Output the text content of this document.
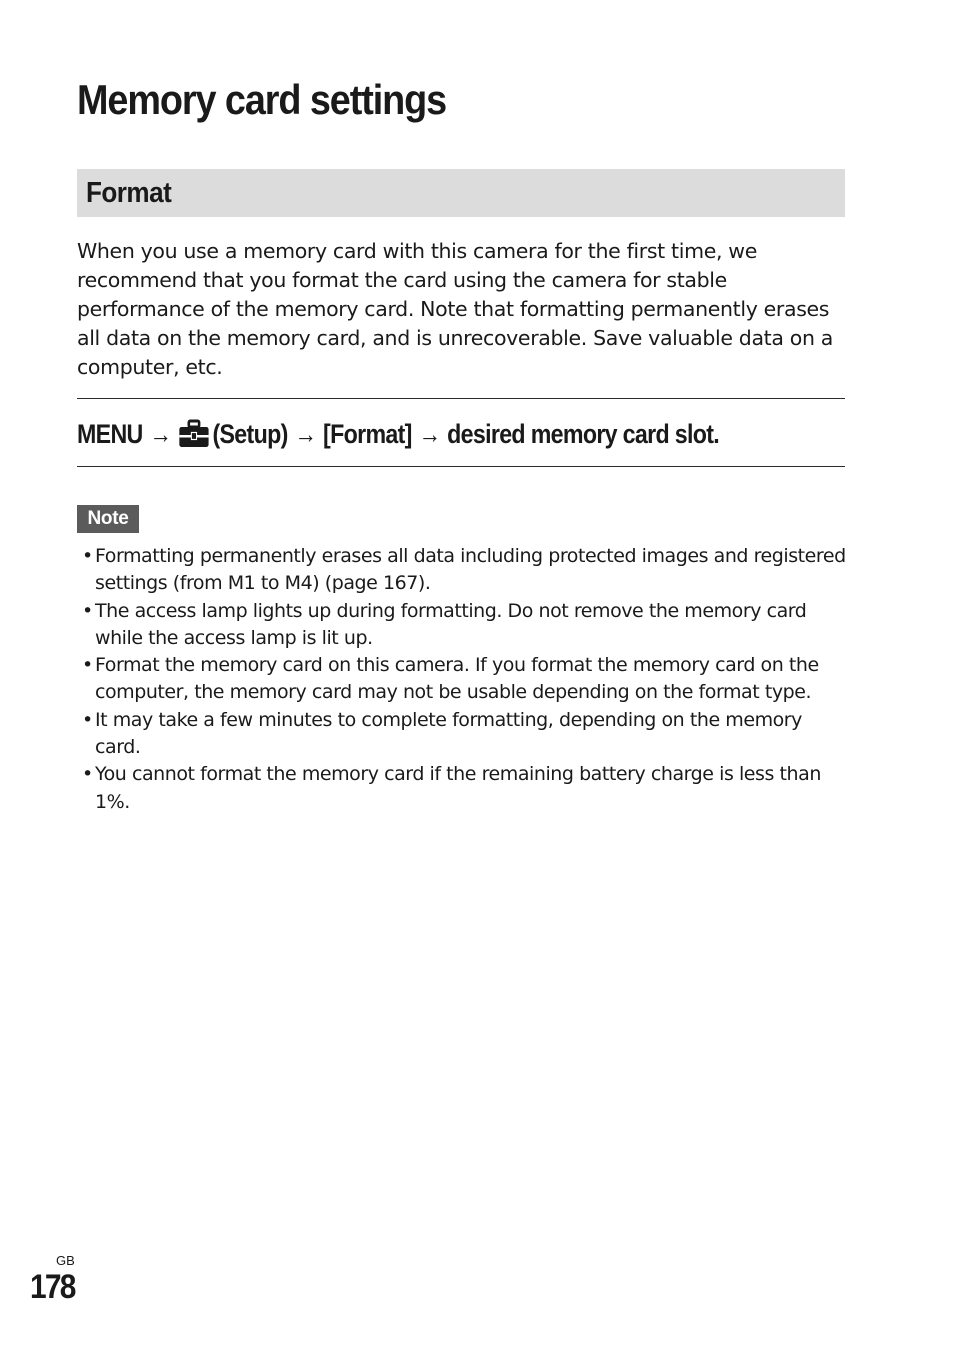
Memory card settings
Format

When you use a memory card with this camera for the first time, we recommend that you format the card using the camera for stable performance of the memory card. Note that formatting permanently erases all data on the memory card, and is unrecoverable. Save valuable data on a computer, etc.

MENU → (Setup) → [Format] → desired memory card slot.
Note
• Formatting permanently erases all data including protected images and registered settings (from M1 to M4) (page 167).
• The access lamp lights up during formatting. Do not remove the memory card while the access lamp is lit up.
• Format the memory card on this camera. If you format the memory card on the computer, the memory card may not be usable depending on the format type.
• It may take a few minutes to complete formatting, depending on the memory card.
• You cannot format the memory card if the remaining battery charge is less than 1%.
GB
178
